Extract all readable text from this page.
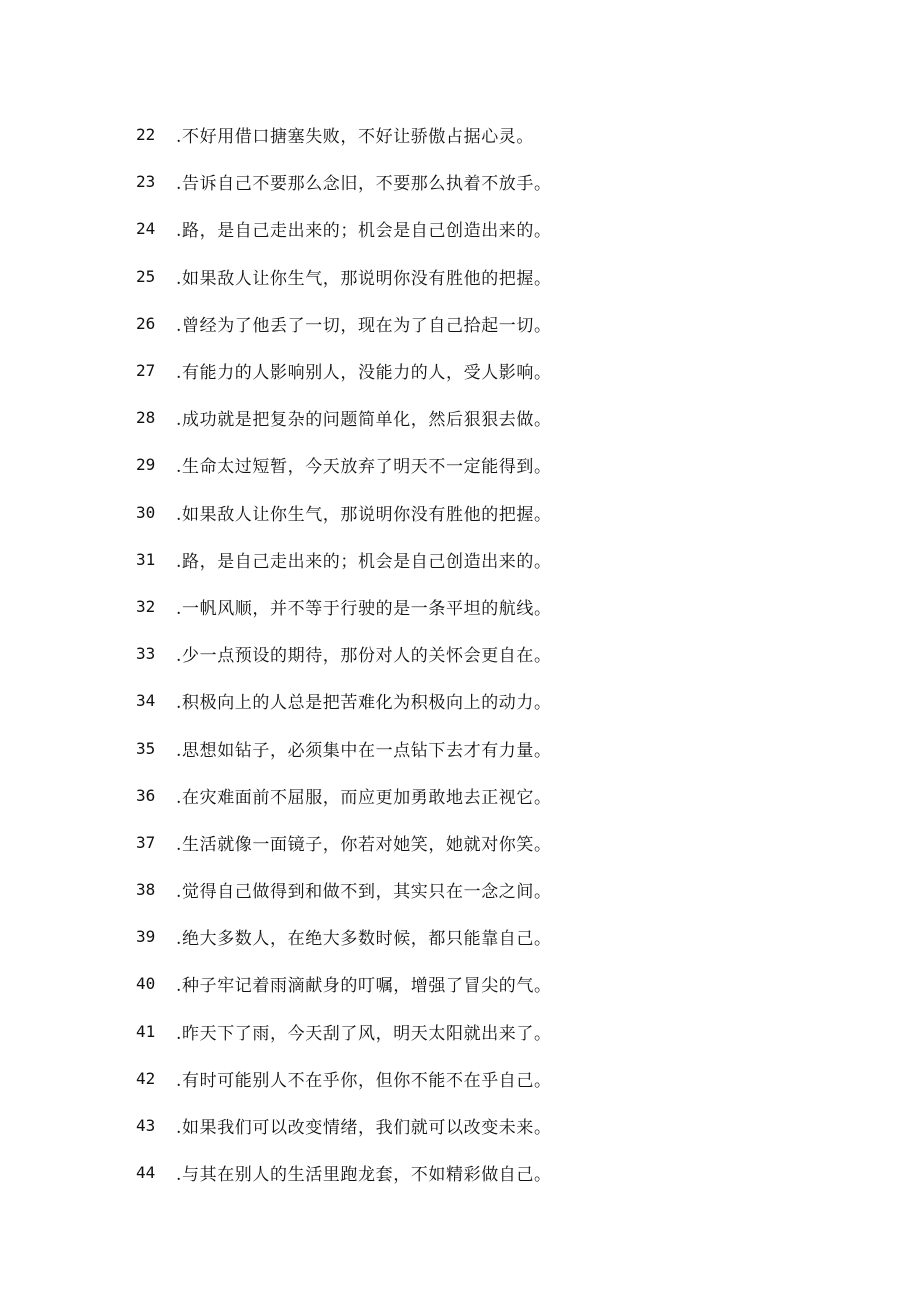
22	.不好用借口搪塞失败，不好让骄傲占据心灵。
23	.告诉自己不要那么念旧，不要那么执着不放手。
24	.路，是自己走出来的；机会是自己创造出来的。
25	.如果敌人让你生气，那说明你没有胜他的把握。
26	.曾经为了他丢了一切，现在为了自己拾起一切。
27	.有能力的人影响别人，没能力的人，受人影响。
28	.成功就是把复杂的问题简单化，然后狠狠去做。
29	.生命太过短暂，今天放弃了明天不一定能得到。
30	.如果敌人让你生气，那说明你没有胜他的把握。
31	.路，是自己走出来的；机会是自己创造出来的。
32	.一帆风顺，并不等于行驶的是一条平坦的航线。
33	.少一点预设的期待，那份对人的关怀会更自在。
34	.积极向上的人总是把苦难化为积极向上的动力。
35	.思想如钻子，必须集中在一点钻下去才有力量。
36	.在灾难面前不屈服，而应更加勇敢地去正视它。
37	.生活就像一面镜子，你若对她笑，她就对你笑。
38	.觉得自己做得到和做不到，其实只在一念之间。
39	.绝大多数人，在绝大多数时候，都只能靠自己。
40	.种子牢记着雨滴献身的叮嘱，增强了冒尖的气。
41	.昨天下了雨，今天刮了风，明天太阳就出来了。
42	.有时可能别人不在乎你，但你不能不在乎自己。
43	.如果我们可以改变情绪，我们就可以改变未来。
44	.与其在别人的生活里跑龙套，不如精彩做自己。
